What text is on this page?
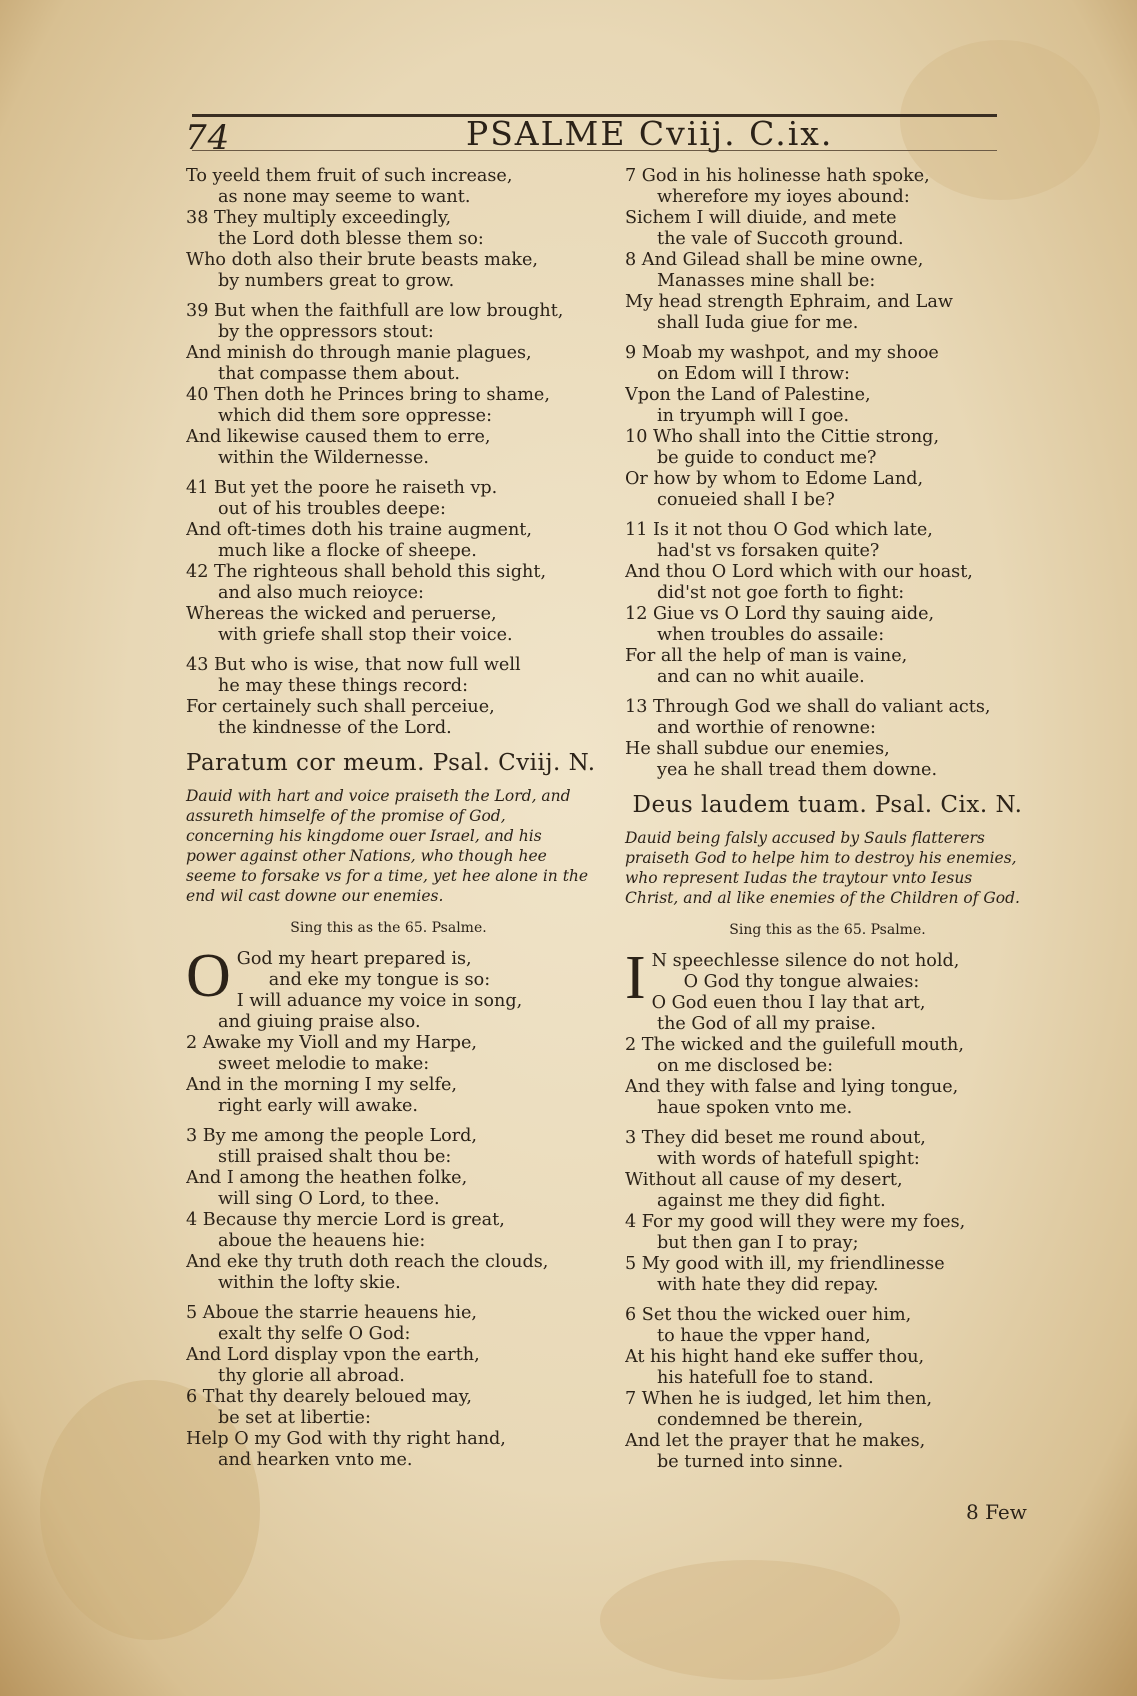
74	PSALME Cviij. C.ix.
To yeeld them fruit of such increase,
as none may seeme to want.
38 They multiply exceedingly,
the Lord doth blesse them so:
Who doth also their brute beasts make,
by numbers great to grow.
39 But when the faithfull are low brought,
by the oppressors stout:
And minish do through manie plagues,
that compasse them about.
40 Then doth he Princes bring to shame,
which did them sore oppresse:
And likewise caused them to erre,
within the Wildernesse.
41 But yet the poore he raiseth vp.
out of his troubles deepe:
And oft-times doth his traine augment,
much like a flocke of sheepe.
42 The righteous shall behold this sight,
and also much reioyce:
Whereas the wicked and peruerse,
with griefe shall stop their voice.
43 But who is wise, that now full well
he may these things record:
For certainely such shall perceiue,
the kindnesse of the Lord.
Paratum cor meum. Psal. Cviij. N.
Dauid with hart and voice praiseth the Lord, and assureth himselfe of the promise of God, concerning his kingdome ouer Israel, and his power against other Nations, who though hee seeme to forsake vs for a time, yet hee alone in the end wil cast downe our enemies.
Sing this as the 65. Psalme.
O God my heart prepared is,
and eke my tongue is so:
I will aduance my voice in song,
and giuing praise also.
2 Awake my Violl and my Harpe,
sweet melodie to make:
And in the morning I my selfe,
right early will awake.
3 By me among the people Lord,
still praised shalt thou be:
And I among the heathen folke,
will sing O Lord, to thee.
4 Because thy mercie Lord is great,
aboue the heauens hie:
And eke thy truth doth reach the clouds,
within the lofty skie.
5 Aboue the starrie heauens hie,
exalt thy selfe O God:
And Lord display vpon the earth,
thy glorie all abroad.
6 That thy dearely beloued may,
be set at libertie:
Help O my God with thy right hand,
and hearken vnto me.
7 God in his holinesse hath spoke,
wherefore my ioyes abound:
Sichem I will diuide, and mete
the vale of Succoth ground.
8 And Gilead shall be mine owne,
Manasses mine shall be:
My head strength Ephraim, and Law
shall Iuda giue for me.
9 Moab my washpot, and my shooe
on Edom will I throw:
Vpon the Land of Palestine,
in tryumph will I goe.
10 Who shall into the Cittie strong,
be guide to conduct me?
Or how by whom to Edome Land,
conueied shall I be?
11 Is it not thou O God which late,
had'st vs forsaken quite?
And thou O Lord which with our hoast,
did'st not goe forth to fight:
12 Giue vs O Lord thy sauing aide,
when troubles do assaile:
For all the help of man is vaine,
and can no whit auaile.
13 Through God we shall do valiant acts,
and worthie of renowne:
He shall subdue our enemies,
yea he shall tread them downe.
Deus laudem tuam. Psal. Cix. N.
Dauid being falsly accused by Sauls flatterers praiseth God to helpe him to destroy his enemies, who represent Iudas the traytour vnto Iesus Christ, and al like enemies of the Children of God.
Sing this as the 65. Psalme.
I N speechlesse silence do not hold,
O God thy tongue alwaies:
O God euen thou I lay that art,
the God of all my praise.
2 The wicked and the guilefull mouth,
on me disclosed be:
And they with false and lying tongue,
haue spoken vnto me.
3 They did beset me round about,
with words of hatefull spight:
Without all cause of my desert,
against me they did fight.
4 For my good will they were my foes,
but then gan I to pray;
5 My good with ill, my friendlinesse
with hate they did repay.
6 Set thou the wicked ouer him,
to haue the vpper hand,
At his hight hand eke suffer thou,
his hatefull foe to stand.
7 When he is iudged, let him then,
condemned be therein,
And let the prayer that he makes,
be turned into sinne.
8 Few
